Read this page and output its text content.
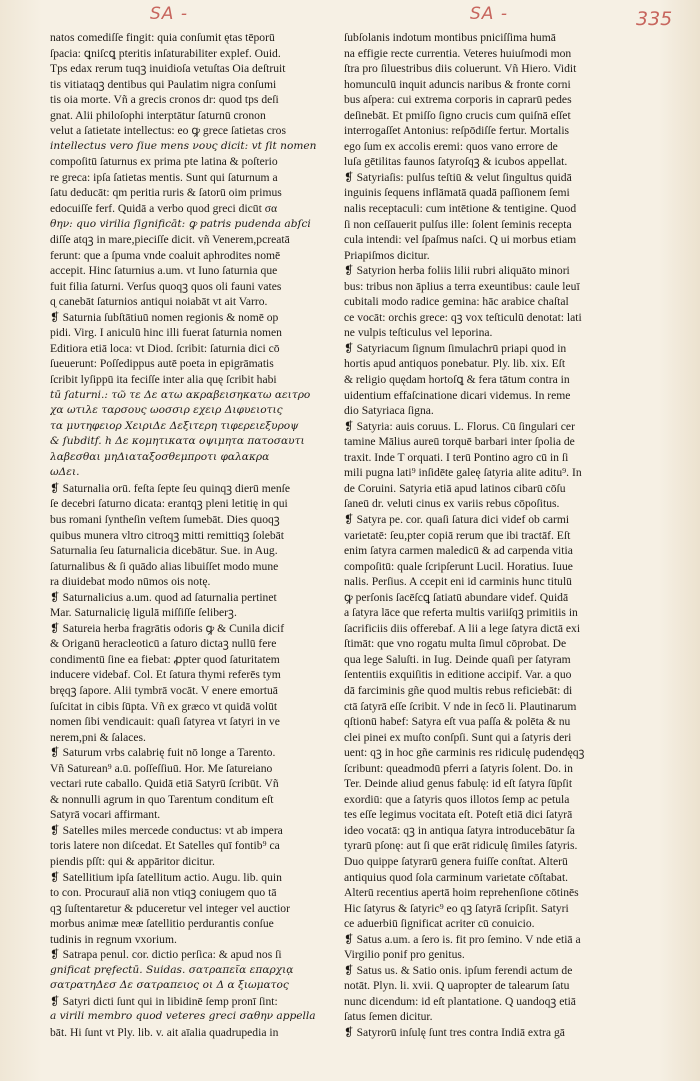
SA -	SA -	335
natos comediſſe fingit: quia conſumit ętas tēporū
ſpacia: ꝗniſcꝗ pteritis inſaturabiliter explef. Ouid.
Tps edax rerum tuqꝫ inuidioſa vetuſtas Oia deſtruit
tis vitiataqꝫ dentibus qui Paulatim nigra conſumi
tis oia morte. Vñ a grecis cronos dr: quod tps deſi
gnat. Alii philoſophi interptātur ſaturnū cronon
velut a ſatietate intellectus: eo ꝙ grece ſatietas cros
intellectus vero ſiue mens νους dicit: vt ſit nomen
compoſitū ſaturnus ex prima pte latina & poſterio
re greca: ipſa ſatietas mentis. Sunt qui ſaturnum a
ſatu deducāt: qm peritia ruris & ſatorū oim primus
edocuiſſe ferf. Quidā a verbo quod greci dicūt σα
θην: quo virilia ſignificāt: ꝙ patris pudenda abſci
diſſe atqꝫ in mare,pieciſſe dicit. vñ Venerem,pcreatā
ferunt: que a ſpuma vnde coaluit aphrodites nomē
accepit. Hinc ſaturnius a.um. vt Iuno ſaturnia que
fuit filia ſaturni. Verſus quoqꝫ quos oli fauni vates
ɋ canebāt ſaturnios antiqui noiabāt vt ait Varro.
❡ Saturnia ſubſtātiuū nomen regionis & nomē op
pidi. Virg. I aniculū hinc illi fuerat ſaturnia nomen
Editiora etiā loca: vt Diod. ſcribit: ſaturnia dici cō
ſueuerunt: Poſſedippus autē poeta in epigrāmatis
ſcribit lyſippū ita feciſſe inter alia quę ſcribit habi
tū ſaturni.: τῶ τε Δε ατω ακραβεισηκατω αειτρο
χα ωτιλε ταρσους ωοσσιρ εχειρ Διφυειοτις
τα μυτηφειορ ΧειριΔε Δεξιτερη τιφερειεξυροψ
& ſubditf. h Δε κομητικατα οψιμητα πατοσαυτι
λαβεσθαι μηΔιαταξοσθεμπροτι φαλακρα
ωΔει.
❡ Saturnalia orū. feſta ſepte ſeu quinqꝫ dierū menſe
ſe decebri ſaturno dicata: erantqꝫ pleni letitię in qui
bus romani ſyntheſin veſtem ſumebāt. Dies quoqꝫ
quibus munera vltro citroqꝫ mitti remittiqꝫ ſolebāt
Saturnalia ſeu ſaturnalicia dicebātur. Sue. in Aug.
ſaturnalibus & ſi quādo alias libuiſſet modo mune
ra diuidebat modo nūmos ois notę.
❡ Saturnalicius a.um. quod ad ſaturnalia pertinet
Mar. Saturnalicię ligulā miſſiſſe ſeliberꝫ.
❡ Satureia herba fragrātis odoris ꝙ & Cunila dicif
& Origanū heracleoticū a ſaturo dictaꝫ nullū fere
condimentū ſine ea fiebat: ꝓpter quod ſaturitatem
inducere videbaf. Col. Et ſatura thymi referēs tym
bręqꝫ ſapore. Alii tymbrā vocāt. V enere emortuā
ſuſcitat in cibis ſūpta. Vñ ex græco vt quidā volūt
nomen ſibi vendicauit: quaſi ſatyrea vt ſatyri in ve
nerem,pni & ſalaces.
❡ Saturum vrbs calabrię fuit nō longe a Tarento.
Vñ Saturean⁹ a.ū. poſſeſſiuū. Hor. Me ſatureiano
vectari rute caballo. Quidā etiā Satyrū ſcribūt. Vñ
& nonnulli agrum in quo Tarentum conditum eſt
Satyrā vocari affirmant.
❡ Satelles miles mercede conductus: vt ab impera
toris latere non diſcedat. Et Satelles quī fontib⁹ ca
piendis pſſt: qui & appāritor dicitur.
❡ Satellitium ipſa ſatellitum actio. Augu. lib. quin
to con. Procurauī aliā non vtiqꝫ coniugem quo tā
qꝫ ſuſtentaretur & pduceretur vel integer vel auctior
morbus animæ meæ ſatellitio perdurantis conſue
tudinis in regnum vxorium.
❡ Satrapa penul. cor. dictio perſica: & apud nos ſi
gnificat pręfectū. Suidas. σατραπεῖα επαρχιᾳ
σατρατηΔεσ Δε σατραπειος οι Δ α ξιωματος
❡ Satyri dicti ſunt qui in libidinē ſemp pronī ſint:
a virili membro quod veteres greci σαθην appella
bāt. Hi ſunt vt Ply. lib. v. ait aīalia quadrupedia in
ſubſolanis indotum montibus pniciſſima humā
na effigie recte currentia. Veteres huiuſmodi mon
ſtra pro ſiluestribus diis coluerunt. Vñ Hiero. Vidit
homunculū inquit aduncis naribus & fronte corni
bus aſpera: cui extrema corporis in caprarū pedes
deſinebāt. Et pmiſſo ſigno crucis cum quiſnā eſſet
interrogaſſet Antonius: reſpōdiſſe fertur. Mortalis
ego ſum ex accolis eremi: quos vano errore de
luſa gētilitas faunos ſatyroſqꝫ & icubos appellat.
❡ Satyriaſis: pulſus teſtiū & velut ſingultus quidā
inguinis ſequens inflāmatā quadā paſſionem ſemi
nalis receptaculi: cum intētione & tentigine. Quod
ſi non ceſſauerit pulſus ille: ſolent ſeminis recepta
cula intendi: vel ſpaſmus naſci. Q ui morbus etiam
Priapiſmos dicitur.
❡ Satyrion herba foliis lilii rubri aliquāto minori
bus: tribus non āplius a terra exeuntibus: caule leuī
cubitali modo radice gemina: hāc arabice chaſtal
ce vocāt: orchis grece: qꝫ vox teſticulū denotat: lati
ne vulpis teſticulus vel leporina.
❡ Satyriacum ſignum ſimulachrū priapi quod in
hortis apud antiquos ponebatur. Ply. lib. xix. Eſt
& religio quędam hortoſꝗ & fera tātum contra in
uidentium effaſcinatione dicari videmus. In reme
dio Satyriaca ſigna.
❡ Satyria: auis coruus. L. Florus. Cū ſingulari cer
tamine Mālius aureū torquē barbari inter ſpolia de
traxit. Inde T orquati. I terū Pontino agro cū in ſi
mili pugna lati⁹ inſidēte galeę ſatyria alite aditu⁹. In
de Coruini. Satyria etiā apud latinos cibarū cōſu
ſaneū dr. veluti cinus ex variis rebus cōpoſitus.
❡ Satyra pe. cor. quaſi ſatura dici videf ob carmi
varietatē: ſeu,pter copiā rerum que ibi tractāf. Eſt
enim ſatyra carmen maledicū & ad carpenda vitia
compoſitū: quale ſcripſerunt Lucil. Horatius. Iuue
nalis. Perſius. A ccepit eni id carminis hunc titulū
ꝙ perſonis ſacēſcꝗ ſatiatū abundare videf. Quidā
a ſatyra lāce que referta multis variiſqꝫ primitiis in
ſacrificiis diis offerebaf. A lii a lege ſatyra dictā exi
ſtimāt: que vno rogatu multa ſimul cōprobat. De
qua lege Saluſti. in Iug. Deinde quaſi per ſatyram
ſententiis exquiſitis in editione accipif. Var. a quo
dā farciminis gñe quod multis rebus reficiebāt: di
ctā ſatyrā eſſe ſcribit. V nde in ſecō li. Plautinarum
qſtionū habef: Satyra eſt vua paſſa & polēta & nu
clei pinei ex muſto conſpſi. Sunt qui a ſatyris deri
uent: qꝫ in hoc gñe carminis res ridiculę pudendęqꝫ
ſcribunt: queadmodū pferri a ſatyris ſolent. Do. in
Ter. Deinde aliud genus fabulę: id eſt ſatyra ſūpſit
exordiū: que a ſatyris quos illotos ſemp ac petula
tes eſſe legimus vocitata eſt. Poteſt etiā dici ſatyrā
ideo vocatā: qꝫ in antiqua ſatyra introducebātur ſa
tyrarū pſonę: aut ſi que erāt ridiculę ſimiles ſatyris.
Duo quippe ſatyrarū genera fuiſſe conſtat. Alterū
antiquius quod ſola carminum varietate cōſtabat.
Alterū recentius apertā hoim reprehenſione cōtinēs
Hic ſatyrus & ſatyric⁹ eo qꝫ ſatyrā ſcripſit. Satyri
ce aduerbiū ſignificat acriter cū conuicio.
❡ Satus a.um. a ſero is. fit pro ſemino. V nde etiā a
Virgilio ponif pro genitus.
❡ Satus us. & Satio onis. ipſum ferendi actum de
notāt. Plyn. li. xvii. Q uapropter de talearum ſatu
nunc dicendum: id eſt plantatione. Q uandoqꝫ etiā
ſatus ſemen dicitur.
❡ Satyrorū inſulę ſunt tres contra Indiā extra gā
